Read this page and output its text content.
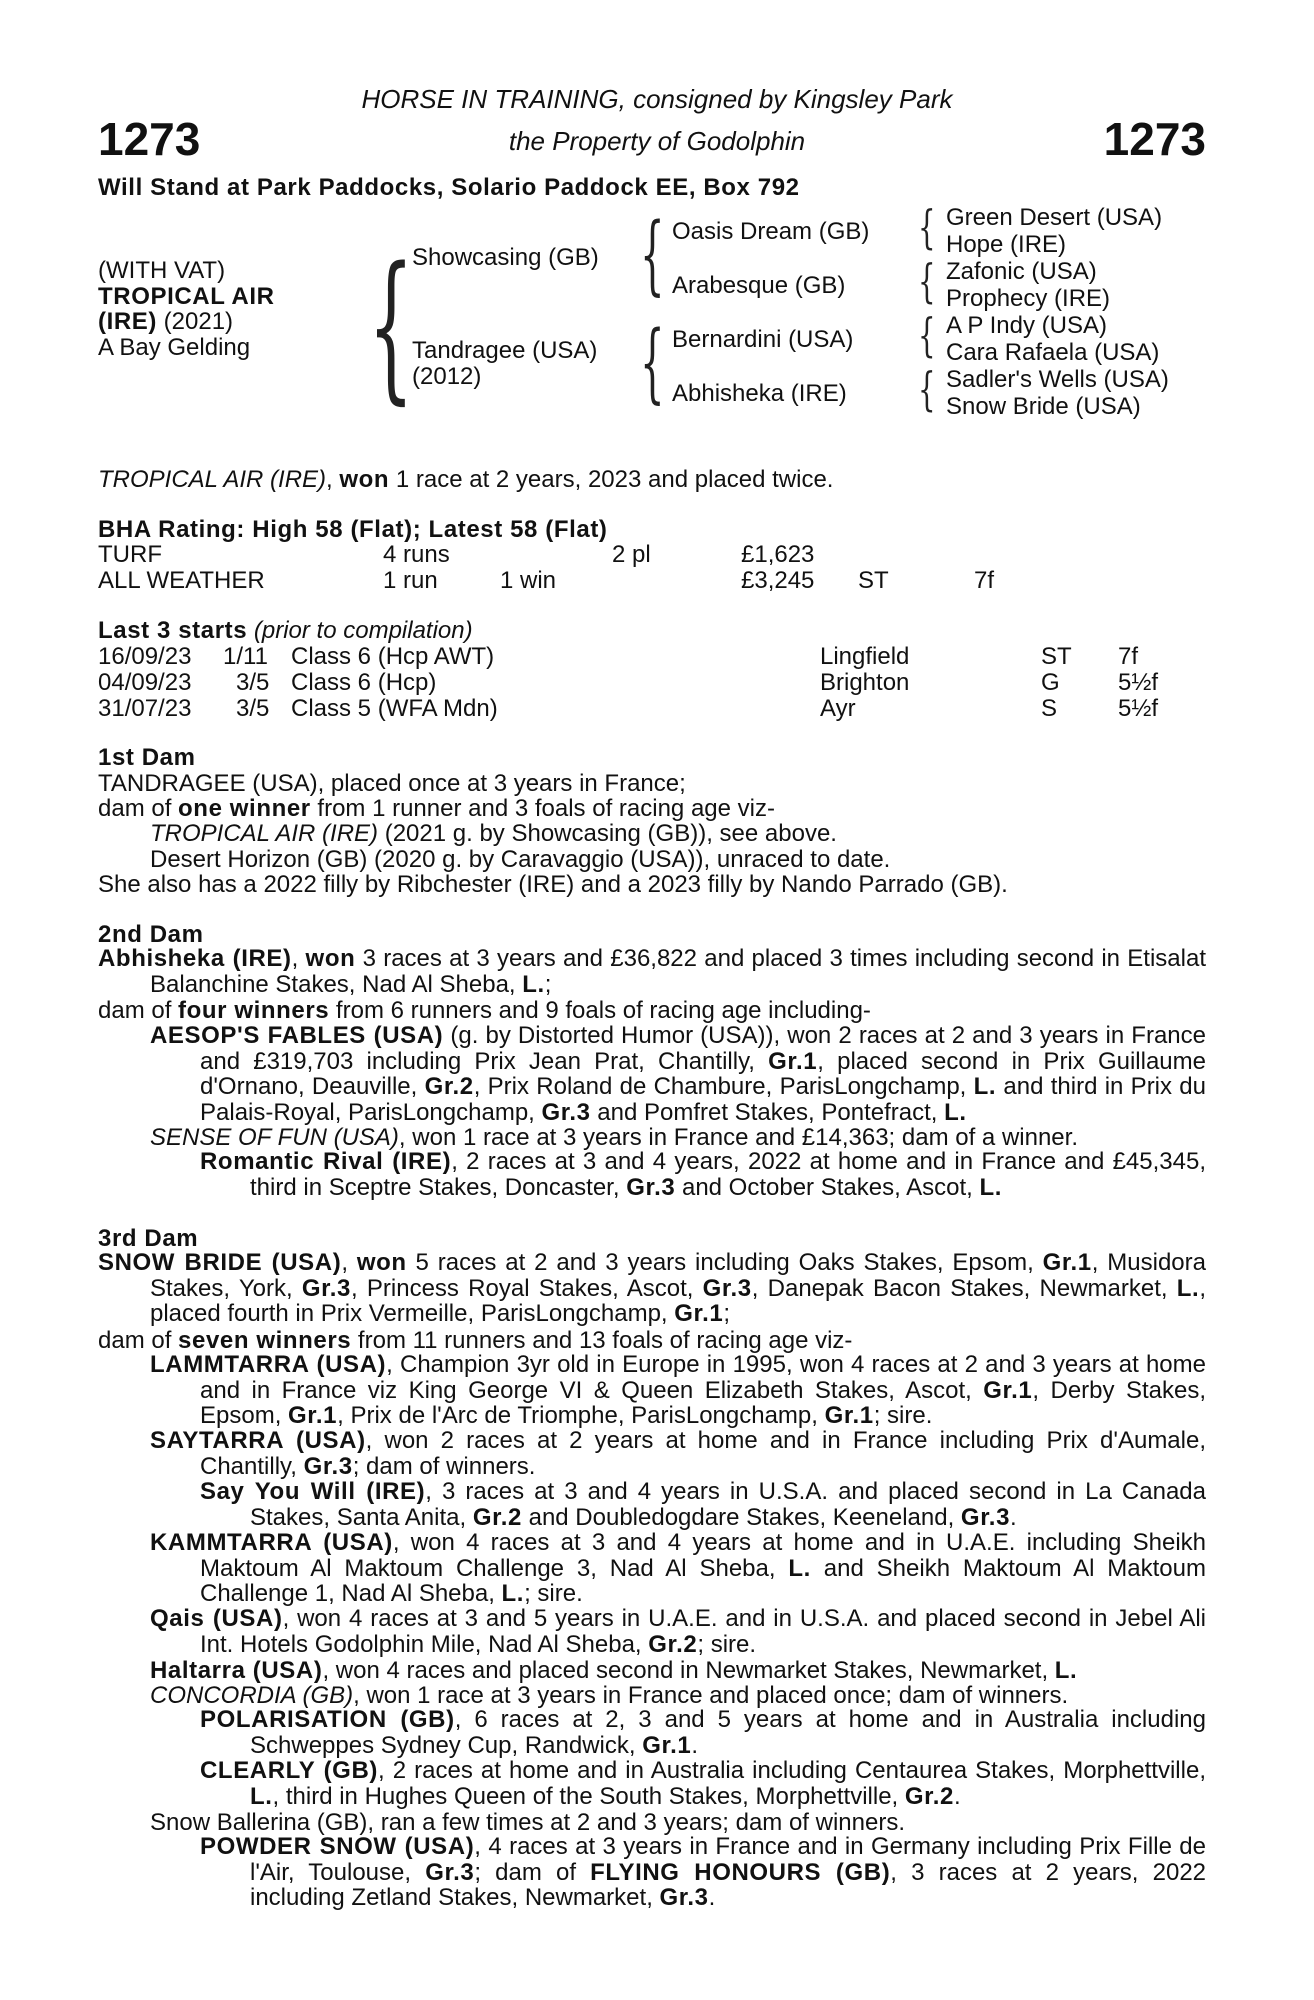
1273	1273
HORSE IN TRAINING, consigned by Kingsley Park
the Property of Godolphin
Will Stand at Park Paddocks, Solario Paddock EE, Box 792
(WITH VAT)
TROPICAL AIR
(IRE) (2021)
A Bay Gelding {
Showcasing (GB)
Tandragee (USA)
(2012)
{
{
Oasis Dream (GB)
Arabesque (GB)
Bernardini (USA)
Abhisheka (IRE)
{
{
{
{
Green Desert (USA)
Hope (IRE)
Zafonic (USA)
Prophecy (IRE)
A P Indy (USA)
Cara Rafaela (USA)
Sadler's Wells (USA)
Snow Bride (USA)
TROPICAL AIR (IRE), won 1 race at 2 years, 2023 and placed twice.
BHA Rating: High 58 (Flat); Latest 58 (Flat)
TURF	4 runs	2 pl	£1,623
ALL WEATHER	1 run	1 win	£3,245 ST	7f
Last 3 starts (prior to compilation)
16/09/23 1/11 Class 6 (Hcp AWT)	Lingfield	ST 7f
04/09/23 3/5 Class 6 (Hcp)	Brighton	G 5½f
31/07/23 3/5 Class 5 (WFA Mdn)	Ayr	S	5½f
1st Dam
TANDRAGEE (USA), placed once at 3 years in France;
dam of one winner from 1 runner and 3 foals of racing age viz-
TROPICAL AIR (IRE) (2021 g. by Showcasing (GB)), see above.
Desert Horizon (GB) (2020 g. by Caravaggio (USA)), unraced to date.
She also has a 2022 filly by Ribchester (IRE) and a 2023 filly by Nando Parrado (GB).
2nd Dam
Abhisheka (IRE), won 3 races at 3 years and £36,822 and placed 3 times including second in Etisalat Balanchine Stakes, Nad Al Sheba, L.;
dam of four winners from 6 runners and 9 foals of racing age including-
AESOP'S FABLES (USA) (g. by Distorted Humor (USA)), won 2 races at 2 and 3 years in France and £319,703 including Prix Jean Prat, Chantilly, Gr.1, placed second in Prix Guillaume d'Ornano, Deauville, Gr.2, Prix Roland de Chambure, ParisLongchamp, L. and third in Prix du Palais-Royal, ParisLongchamp, Gr.3 and Pomfret Stakes, Pontefract, L.
SENSE OF FUN (USA), won 1 race at 3 years in France and £14,363; dam of a winner.
Romantic Rival (IRE), 2 races at 3 and 4 years, 2022 at home and in France and £45,345, third in Sceptre Stakes, Doncaster, Gr.3 and October Stakes, Ascot, L.
3rd Dam
SNOW BRIDE (USA), won 5 races at 2 and 3 years including Oaks Stakes, Epsom, Gr.1, Musidora Stakes, York, Gr.3, Princess Royal Stakes, Ascot, Gr.3, Danepak Bacon Stakes, Newmarket, L., placed fourth in Prix Vermeille, ParisLongchamp, Gr.1;
dam of seven winners from 11 runners and 13 foals of racing age viz-
LAMMTARRA (USA), Champion 3yr old in Europe in 1995, won 4 races at 2 and 3 years at home and in France viz King George VI & Queen Elizabeth Stakes, Ascot, Gr.1, Derby Stakes, Epsom, Gr.1, Prix de l'Arc de Triomphe, ParisLongchamp, Gr.1; sire.
SAYTARRA (USA), won 2 races at 2 years at home and in France including Prix d'Aumale, Chantilly, Gr.3; dam of winners.
Say You Will (IRE), 3 races at 3 and 4 years in U.S.A. and placed second in La Canada Stakes, Santa Anita, Gr.2 and Doubledogdare Stakes, Keeneland, Gr.3.
KAMMTARRA (USA), won 4 races at 3 and 4 years at home and in U.A.E. including Sheikh Maktoum Al Maktoum Challenge 3, Nad Al Sheba, L. and Sheikh Maktoum Al Maktoum Challenge 1, Nad Al Sheba, L.; sire.
Qais (USA), won 4 races at 3 and 5 years in U.A.E. and in U.S.A. and placed second in Jebel Ali Int. Hotels Godolphin Mile, Nad Al Sheba, Gr.2; sire.
Haltarra (USA), won 4 races and placed second in Newmarket Stakes, Newmarket, L.
CONCORDIA (GB), won 1 race at 3 years in France and placed once; dam of winners.
POLARISATION (GB), 6 races at 2, 3 and 5 years at home and in Australia including Schweppes Sydney Cup, Randwick, Gr.1.
CLEARLY (GB), 2 races at home and in Australia including Centaurea Stakes, Morphettville, L., third in Hughes Queen of the South Stakes, Morphettville, Gr.2.
Snow Ballerina (GB), ran a few times at 2 and 3 years; dam of winners.
POWDER SNOW (USA), 4 races at 3 years in France and in Germany including Prix Fille de l'Air, Toulouse, Gr.3; dam of FLYING HONOURS (GB), 3 races at 2 years, 2022 including Zetland Stakes, Newmarket, Gr.3.
